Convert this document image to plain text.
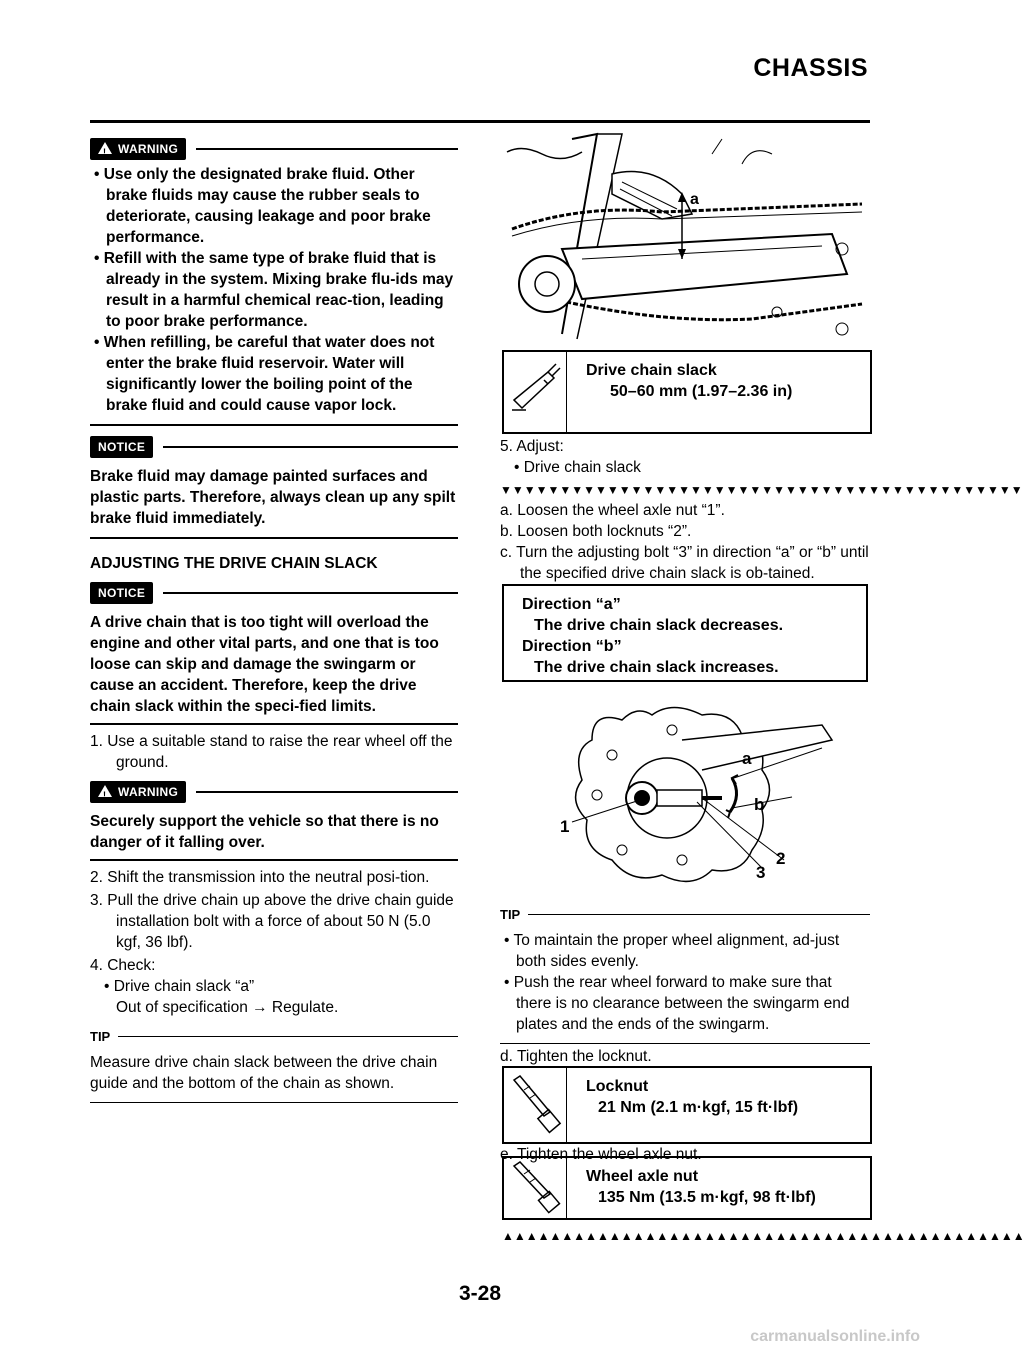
CHASSIS
!WARNING
• Use only the designated brake fluid. Other brake fluids may cause the rubber seals to deteriorate, causing leakage and poor brake performance.
• Refill with the same type of brake fluid that is already in the system. Mixing brake flu-ids may result in a harmful chemical reac-tion, leading to poor brake performance.
• When refilling, be careful that water does not enter the brake fluid reservoir. Water will significantly lower the boiling point of the brake fluid and could cause vapor lock.
NOTICE
Brake fluid may damage painted surfaces and plastic parts. Therefore, always clean up any spilt brake fluid immediately.
ADJUSTING THE DRIVE CHAIN SLACK
NOTICE
A drive chain that is too tight will overload the engine and other vital parts, and one that is too loose can skip and damage the swingarm or cause an accident. Therefore, keep the drive chain slack within the speci-fied limits.
1. Use a suitable stand to raise the rear wheel off the ground.
!WARNING
Securely support the vehicle so that there is no danger of it falling over.
2. Shift the transmission into the neutral posi-tion.
3. Pull the drive chain up above the drive chain guide installation bolt with a force of about 50 N (5.0 kgf, 36 lbf).
4. Check:
• Drive chain slack “a”
Out of specification → Regulate.
TIP
Measure drive chain slack between the drive chain guide and the bottom of the chain as shown.
a
Drive chain slack
50–60 mm (1.97–2.36 in)
5. Adjust:
• Drive chain slack
▼▼▼▼▼▼▼▼▼▼▼▼▼▼▼▼▼▼▼▼▼▼▼▼▼▼▼▼▼▼▼▼▼▼▼▼▼▼▼▼▼▼▼▼
a. Loosen the wheel axle nut “1”.
b. Loosen both locknuts “2”.
c. Turn the adjusting bolt “3” in direction “a” or “b” until the specified drive chain slack is ob-tained.
Direction “a”
The drive chain slack decreases.
Direction “b”
The drive chain slack increases.
a
b
1
2
3
TIP
• To maintain the proper wheel alignment, ad-just both sides evenly.
• Push the rear wheel forward to make sure that there is no clearance between the swingarm end plates and the ends of the swingarm.
d. Tighten the locknut.
Locknut
21 Nm (2.1 m·kgf, 15 ft·lbf)
e. Tighten the wheel axle nut.
Wheel axle nut
135 Nm (13.5 m·kgf, 98 ft·lbf)
▲▲▲▲▲▲▲▲▲▲▲▲▲▲▲▲▲▲▲▲▲▲▲▲▲▲▲▲▲▲▲▲▲▲▲▲▲▲▲▲▲▲▲▲
3-28
carmanualsonline.info
